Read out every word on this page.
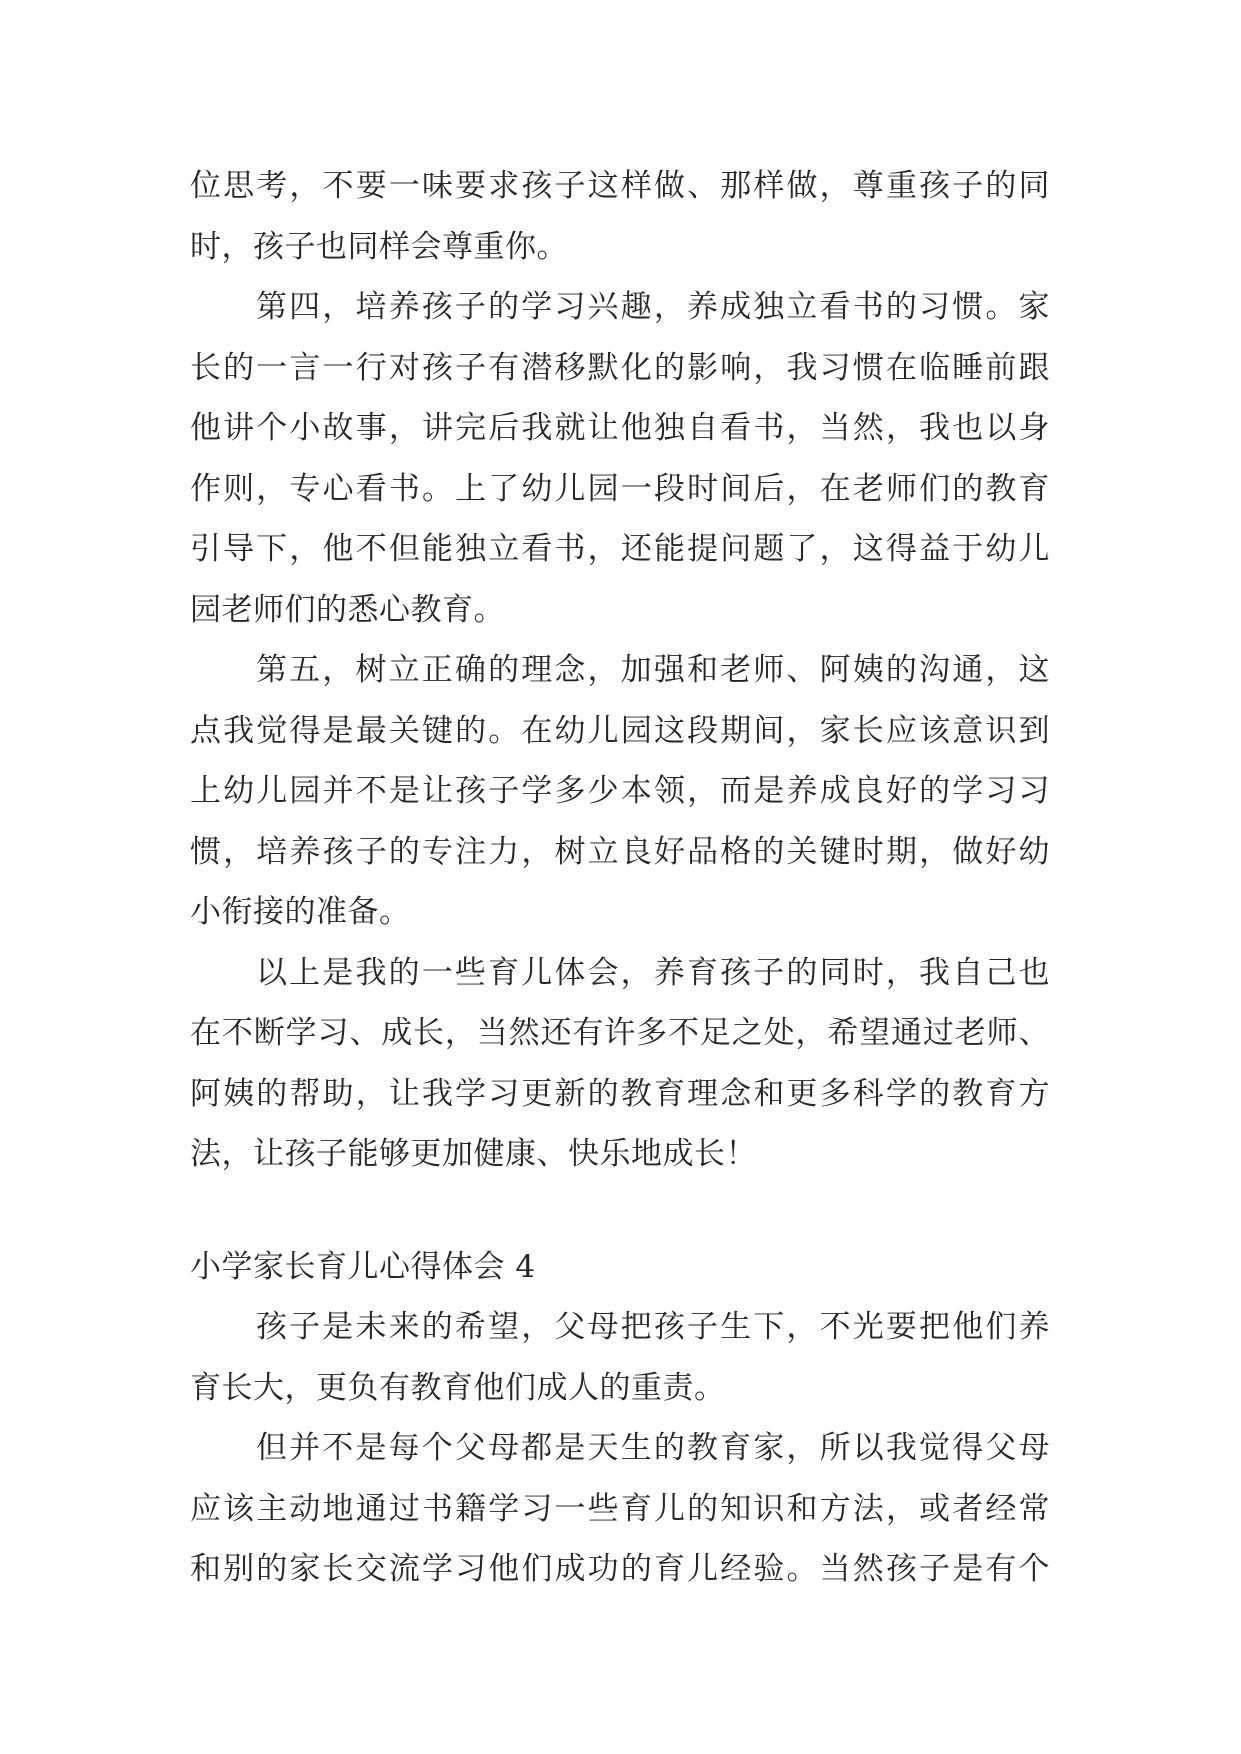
位思考，不要一味要求孩子这样做、那样做，尊重孩子的同
时，孩子也同样会尊重你。
第四，培养孩子的学习兴趣，养成独立看书的习惯。家
长的一言一行对孩子有潜移默化的影响，我习惯在临睡前跟
他讲个小故事，讲完后我就让他独自看书，当然，我也以身
作则，专心看书。上了幼儿园一段时间后，在老师们的教育
引导下，他不但能独立看书，还能提问题了，这得益于幼儿
园老师们的悉心教育。
第五，树立正确的理念，加强和老师、阿姨的沟通，这
点我觉得是最关键的。在幼儿园这段期间，家长应该意识到
上幼儿园并不是让孩子学多少本领，而是养成良好的学习习
惯，培养孩子的专注力，树立良好品格的关键时期，做好幼
小衔接的准备。
以上是我的一些育儿体会，养育孩子的同时，我自己也
在不断学习、成长，当然还有许多不足之处，希望通过老师、
阿姨的帮助，让我学习更新的教育理念和更多科学的教育方
法，让孩子能够更加健康、快乐地成长！
小学家长育儿心得体会 4
孩子是未来的希望，父母把孩子生下，不光要把他们养
育长大，更负有教育他们成人的重责。
但并不是每个父母都是天生的教育家，所以我觉得父母
应该主动地通过书籍学习一些育儿的知识和方法，或者经常
和别的家长交流学习他们成功的育儿经验。当然孩子是有个
